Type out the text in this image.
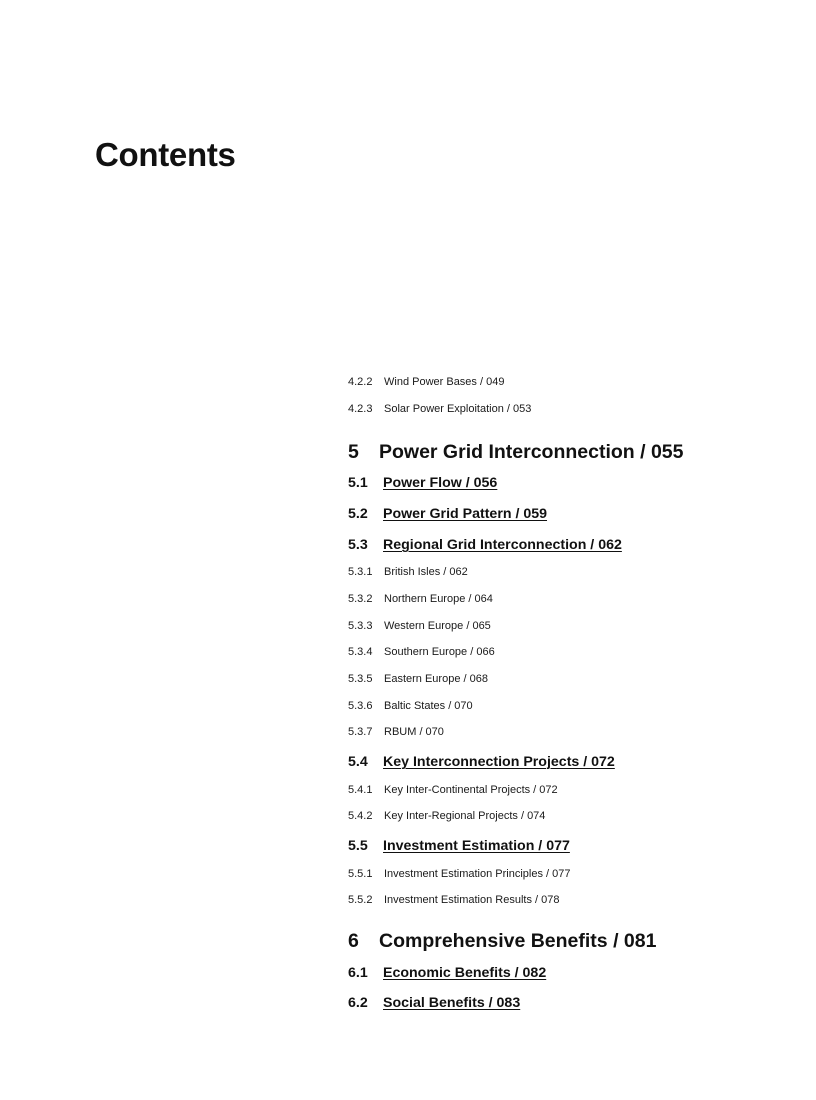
Contents
4.2.2 Wind Power Bases / 049
4.2.3 Solar Power Exploitation / 053
5 Power Grid Interconnection / 055
5.1 Power Flow / 056
5.2 Power Grid Pattern / 059
5.3 Regional Grid Interconnection / 062
5.3.1 British Isles / 062
5.3.2 Northern Europe / 064
5.3.3 Western Europe / 065
5.3.4 Southern Europe / 066
5.3.5 Eastern Europe / 068
5.3.6 Baltic States / 070
5.3.7 RBUM / 070
5.4 Key Interconnection Projects / 072
5.4.1 Key Inter-Continental Projects / 072
5.4.2 Key Inter-Regional Projects / 074
5.5 Investment Estimation / 077
5.5.1 Investment Estimation Principles / 077
5.5.2 Investment Estimation Results / 078
6 Comprehensive Benefits / 081
6.1 Economic Benefits / 082
6.2 Social Benefits / 083
